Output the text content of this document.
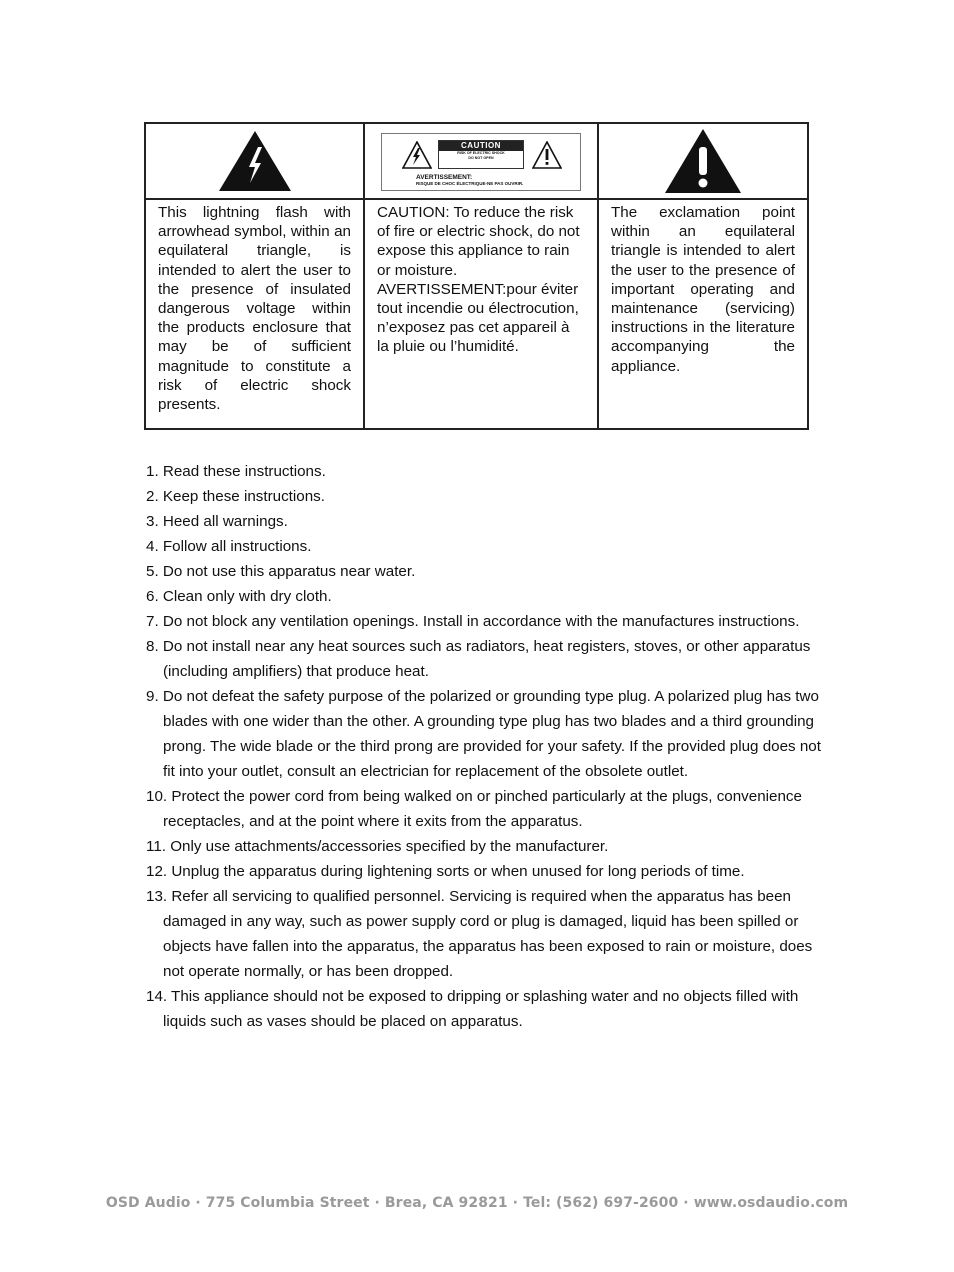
CAUTION
RISK OF ELECTRIC SHOCK
DO NOT OPEN
AVERTISSEMENT:
RISQUE DE CHOC ÉLECTRIQUE-NE PAS OUVRIR.

This lightning flash with arrowhead symbol, within an equilateral triangle, is intended to alert the user to the presence of insulated dangerous voltage within the products enclosure that may be of sufficient magnitude to constitute a risk of electric shock presents.

CAUTION: To reduce the risk of fire or electric shock, do not expose this appliance to rain or moisture.

AVERTISSEMENT:pour éviter tout incendie ou électrocution, n’exposez pas cet appareil à la pluie ou l’humidité.

The exclamation point within an equilateral triangle is intended to alert the user to the presence of important operating and maintenance (servicing) instructions in the literature accompanying the appliance.

1. Read these instructions.
2. Keep these instructions.
3. Heed all warnings.
4. Follow all instructions.
5. Do not use this apparatus near water.
6. Clean only with dry cloth.
7. Do not block any ventilation openings. Install in accordance with the manufactures instructions.
8. Do not install near any heat sources such as radiators, heat registers, stoves, or other apparatus (including amplifiers) that produce heat.
9. Do not defeat the safety purpose of the polarized or grounding type plug. A polarized plug has two blades with one wider than the other. A grounding type plug has two blades and a third grounding prong. The wide blade or the third prong are provided for your safety. If the provided plug does not fit into your outlet, consult an electrician for replacement of the obsolete outlet.
10. Protect the power cord from being walked on or pinched particularly at the plugs, convenience receptacles, and at the point where it exits from the apparatus.
11. Only use attachments/accessories specified by the manufacturer.
12. Unplug the apparatus during lightening sorts or when unused for long periods of time.
13. Refer all servicing to qualified personnel. Servicing is required when the apparatus has been damaged in any way, such as power supply cord or plug is damaged, liquid has been spilled or objects have fallen into the apparatus, the apparatus has been exposed to rain or moisture, does not operate normally, or has been dropped.
14. This appliance should not be exposed to dripping or splashing water and no objects filled with liquids such as vases should be placed on apparatus.
OSD Audio · 775 Columbia Street · Brea, CA 92821 · Tel: (562) 697-2600 · www.osdaudio.com
